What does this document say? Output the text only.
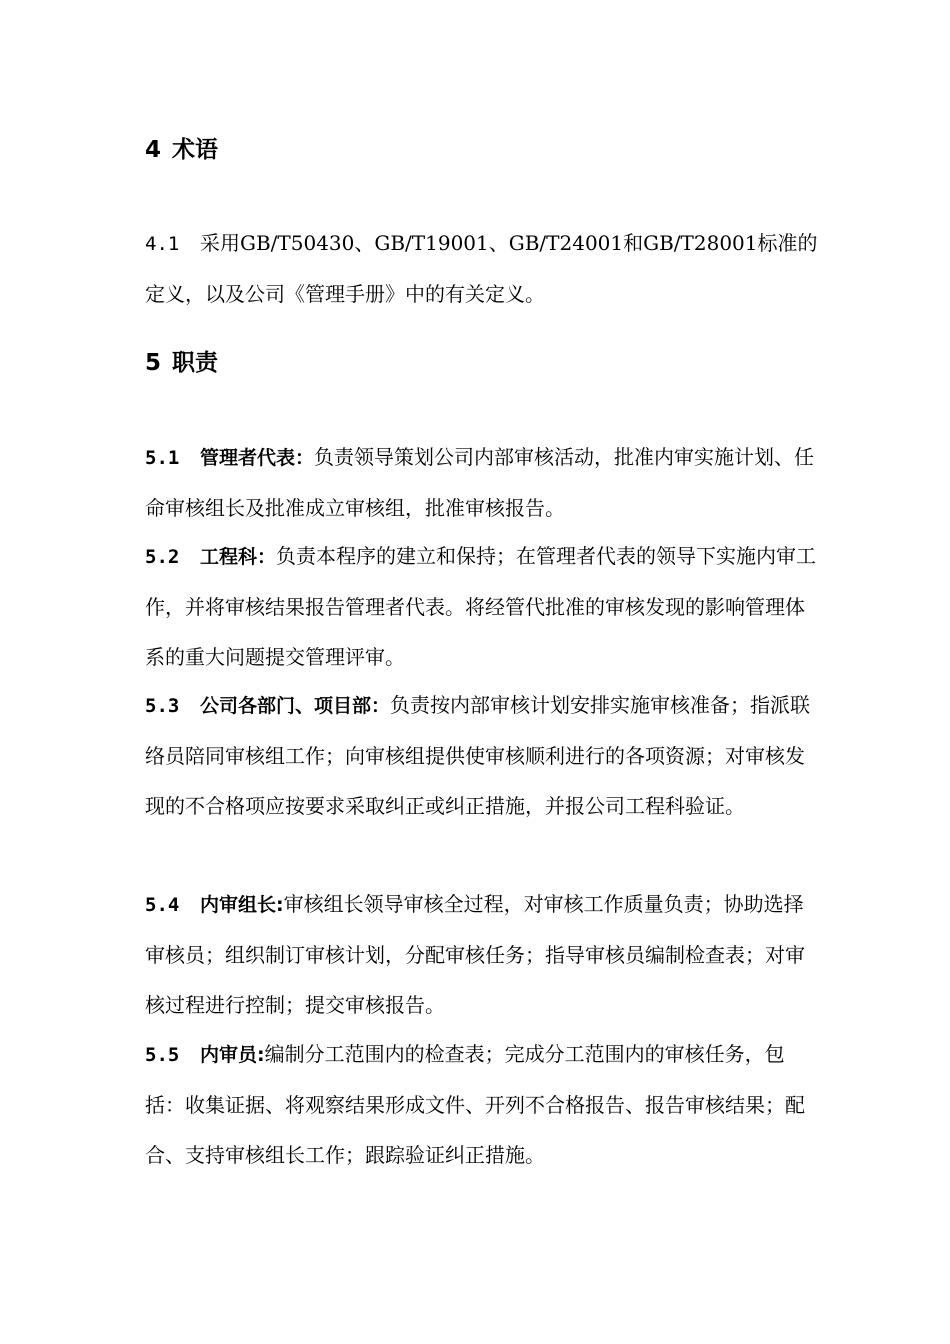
4 术语

4.1 采用GB/T50430、GB/T19001、GB/T24001和GB/T28001标准的定义，以及公司《管理手册》中的有关定义。

5 职责

5.1 管理者代表：负责领导策划公司内部审核活动，批准内审实施计划、任命审核组长及批准成立审核组，批准审核报告。

5.2 工程科：负责本程序的建立和保持；在管理者代表的领导下实施内审工作，并将审核结果报告管理者代表。将经管代批准的审核发现的影响管理体系的重大问题提交管理评审。

5.3 公司各部门、项目部：负责按内部审核计划安排实施审核准备；指派联络员陪同审核组工作；向审核组提供使审核顺利进行的各项资源；对审核发现的不合格项应按要求采取纠正或纠正措施，并报公司工程科验证。

5.4 内审组长:审核组长领导审核全过程，对审核工作质量负责；协助选择审核员；组织制订审核计划，分配审核任务；指导审核员编制检查表；对审核过程进行控制；提交审核报告。

5.5 内审员:编制分工范围内的检查表；完成分工范围内的审核任务，包括：收集证据、将观察结果形成文件、开列不合格报告、报告审核结果；配合、支持审核组长工作；跟踪验证纠正措施。
